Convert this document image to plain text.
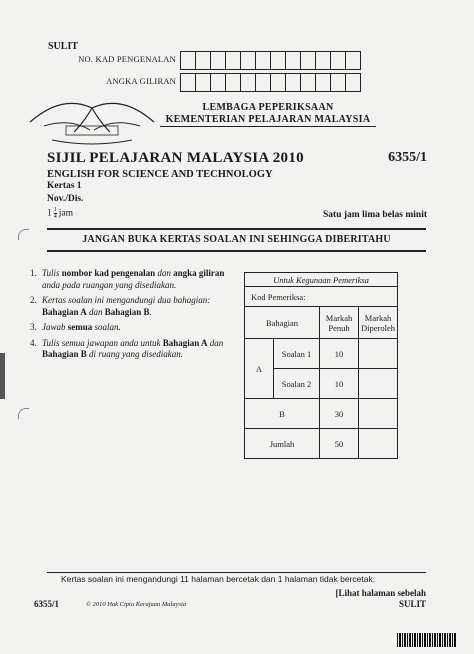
SULIT
NO. KAD PENGENALAN
ANGKA GILIRAN
LEMBAGA PEPERIKSAAN
KEMENTERIAN PELAJARAN MALAYSIA
SIJIL PELAJARAN MALAYSIA 2010	6355/1
ENGLISH FOR SCIENCE AND TECHNOLOGY
Kertas 1
Nov./Dis.
$1 \frac{1}{4}$ jam	Satu jam lima belas minit
JANGAN BUKA KERTAS SOALAN INI SEHINGGA DIBERITAHU
1. Tulis nombor kad pengenalan dan angka giliran anda pada ruangan yang disediakan.
2. Kertas soalan ini mengandungi dua bahagian: Bahagian A dan Bahagian B.
3. Jawab semua soalan.
4. Tulis semua jawapan anda untuk Bahagian A dan Bahagian B di ruang yang disediakan.
Untuk Kegunaan Pemeriksa			
Kod Pemeriksa:			
Bahagian		Markah Penuh	Markah Diperoleh
A	Soalan 1	10	
	Soalan 2	10	
B		30	
Jumlah		50	
Kertas soalan ini mengandungi 11 halaman bercetak dan 1 halaman tidak bercetak.
[Lihat halaman sebelah
6355/1	© 2010 Hak Cipta Kerajaan Malaysia	SULIT
